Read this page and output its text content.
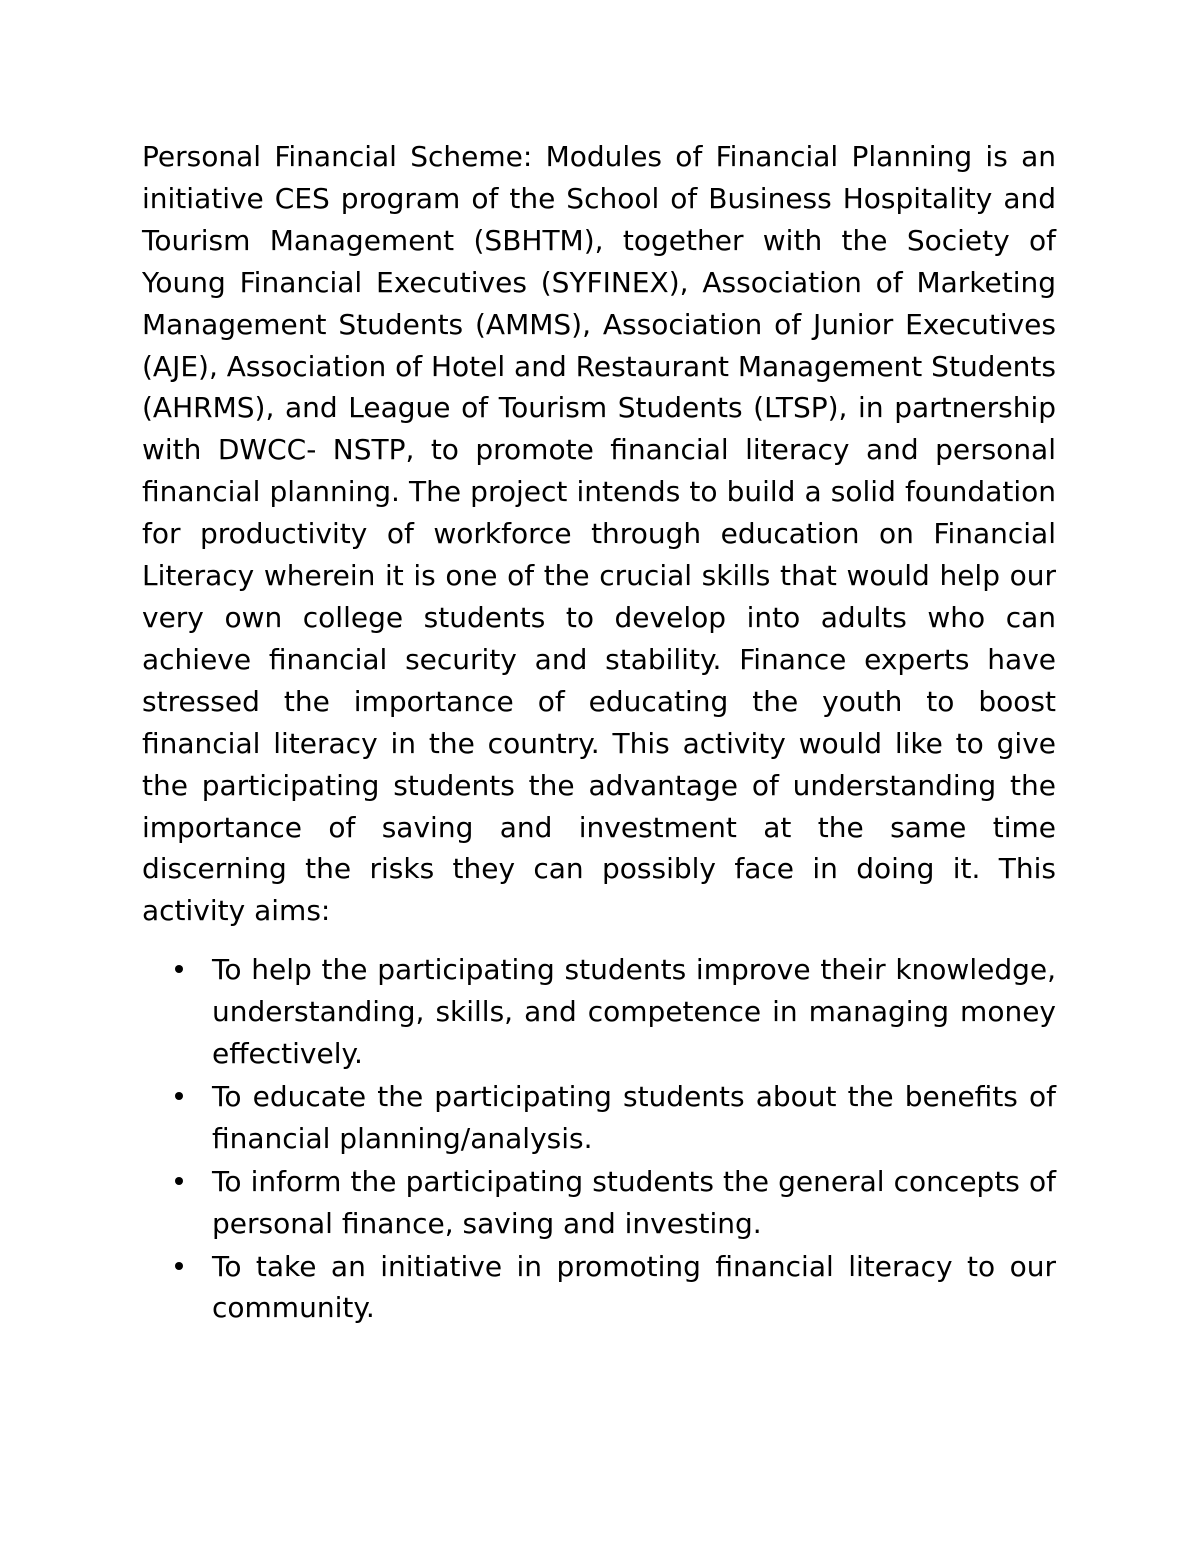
Personal Financial Scheme: Modules of Financial Planning is an initiative CES program of the School of Business Hospitality and Tourism Management (SBHTM), together with the Society of Young Financial Executives (SYFINEX), Association of Marketing Management Students (AMMS), Association of Junior Executives (AJE), Association of Hotel and Restaurant Management Students (AHRMS), and League of Tourism Students (LTSP), in partnership with DWCC- NSTP, to promote financial literacy and personal financial planning. The project intends to build a solid foundation for productivity of workforce through education on Financial Literacy wherein it is one of the crucial skills that would help our very own college students to develop into adults who can achieve financial security and stability. Finance experts have stressed the importance of educating the youth to boost financial literacy in the country. This activity would like to give the participating students the advantage of understanding the importance of saving and investment at the same time discerning the risks they can possibly face in doing it. This activity aims:

To help the participating students improve their knowledge, understanding, skills, and competence in managing money effectively.
To educate the participating students about the benefits of financial planning/analysis.
To inform the participating students the general concepts of personal finance, saving and investing.
To take an initiative in promoting financial literacy to our community.
